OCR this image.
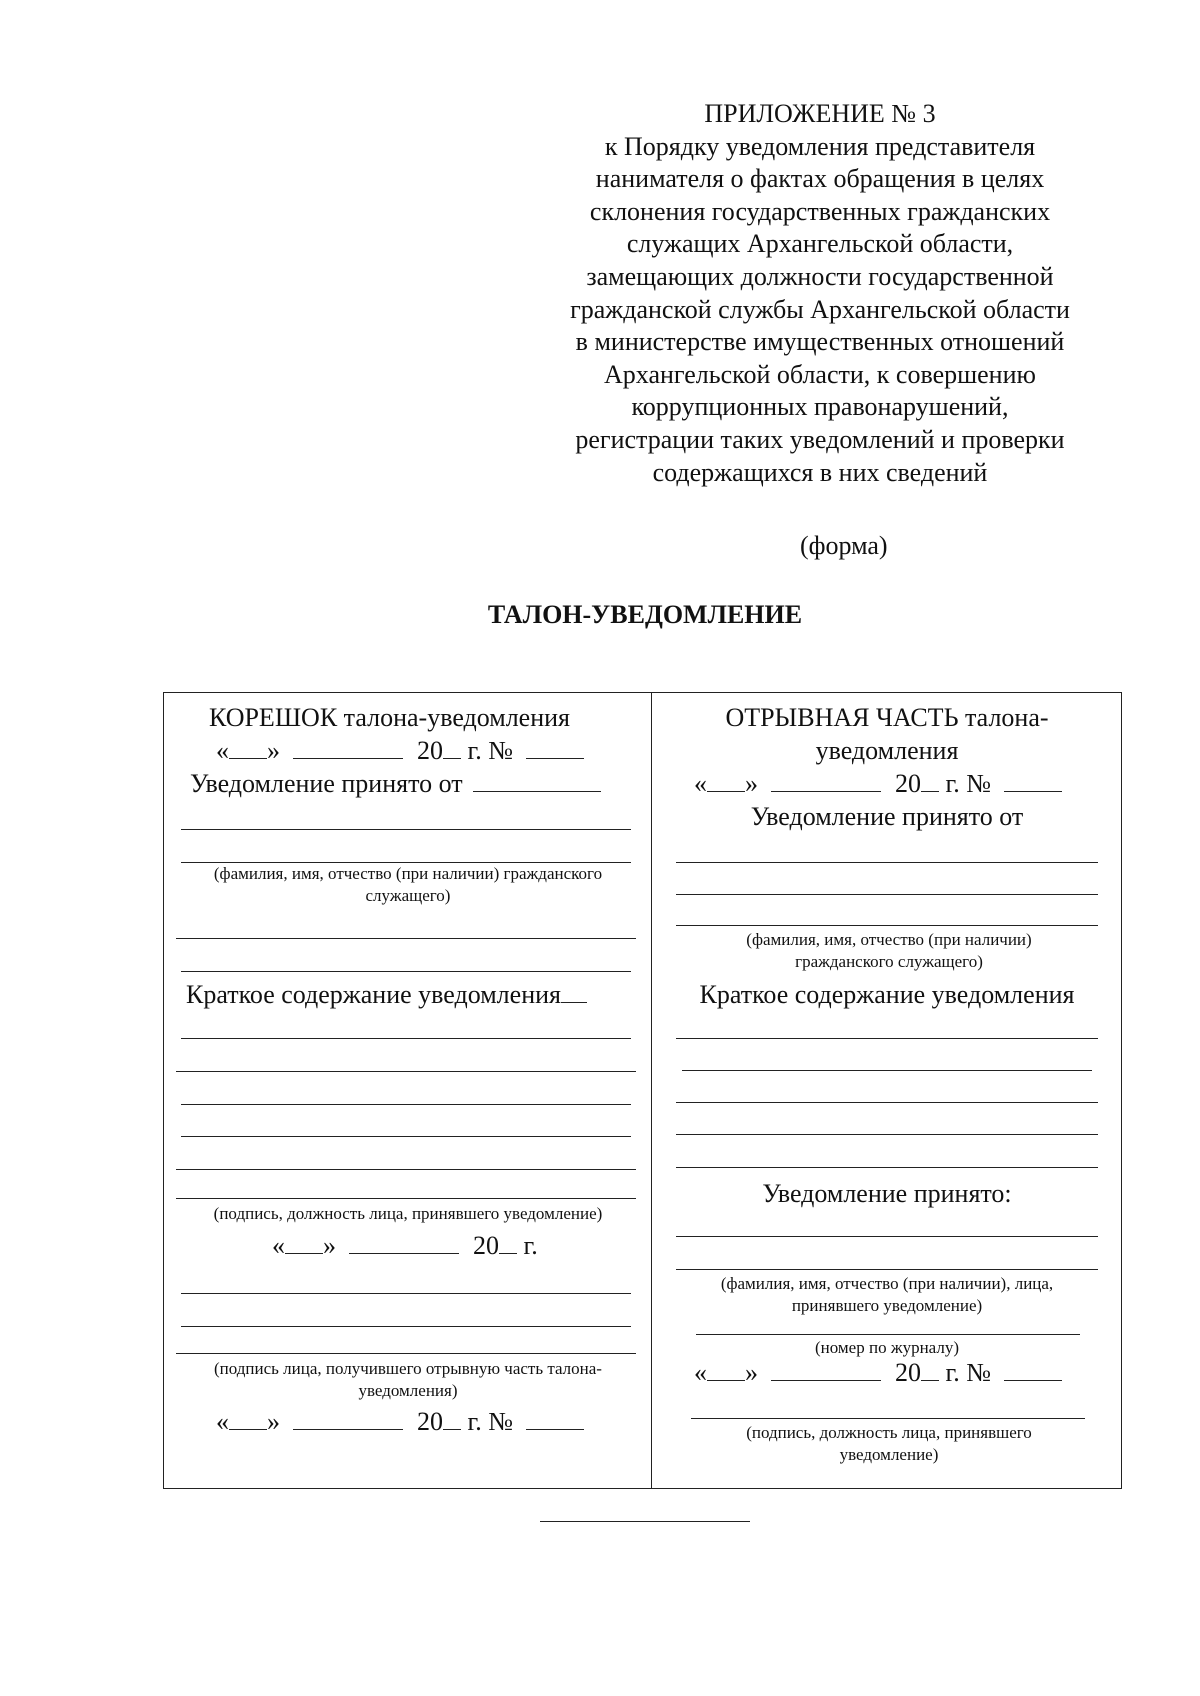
ПРИЛОЖЕНИЕ № 3
к Порядку уведомления представителя
нанимателя о фактах обращения в целях
склонения государственных гражданских
служащих Архангельской области,
замещающих должности государственной
гражданской службы Архангельской области
в министерстве имущественных отношений
Архангельской области, к совершению
коррупционных правонарушений,
регистрации таких уведомлений и проверки
содержащихся в них сведений
(форма)
ТАЛОН-УВЕДОМЛЕНИЕ
КОРЕШОК талона-уведомления
« »	20 г. №
Уведомление принято от
(фамилия, имя, отчество (при наличии) гражданского служащего)
Краткое содержание уведомления
(подпись, должность лица, принявшего уведомление)
« »	20 г.
(подпись лица, получившего отрывную часть талона-уведомления)
« »	20 г. №
ОТРЫВНАЯ ЧАСТЬ талона-
уведомления
« »	20 г. №
Уведомление принято от
(фамилия, имя, отчество (при наличии) гражданского служащего)
Краткое содержание уведомления
Уведомление принято:
(фамилия, имя, отчество (при наличии), лица, принявшего уведомление)
(номер по журналу)
« »	20 г. №
(подпись, должность лица, принявшего уведомление)
